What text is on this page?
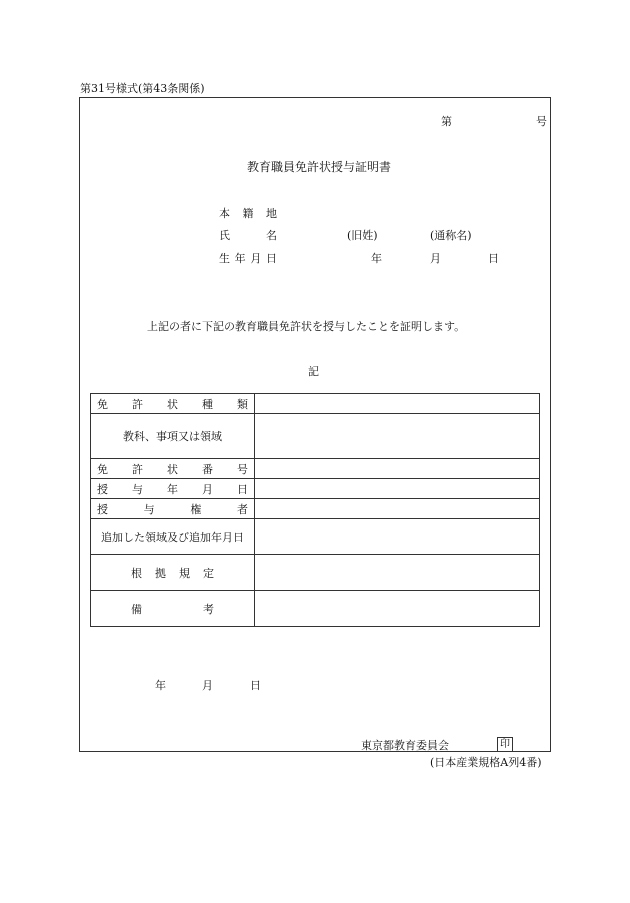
第31号様式(第43条関係)
第	号
教育職員免許状授与証明書
本 籍 地
氏	名	(旧姓)	(通称名)
生 年 月 日	年	月	日
上記の者に下記の教育職員免許状を授与したことを証明します。
記
免 許 状 種 類	

教科、事項又は領域	

免 許 状 番 号	

授 与 年 月 日	

授 与 権 者	

追加した領域及び追加年月日	

根 拠 規 定	

備 考	

年	月	日
東京都教育委員会	印
(日本産業規格A列4番)
